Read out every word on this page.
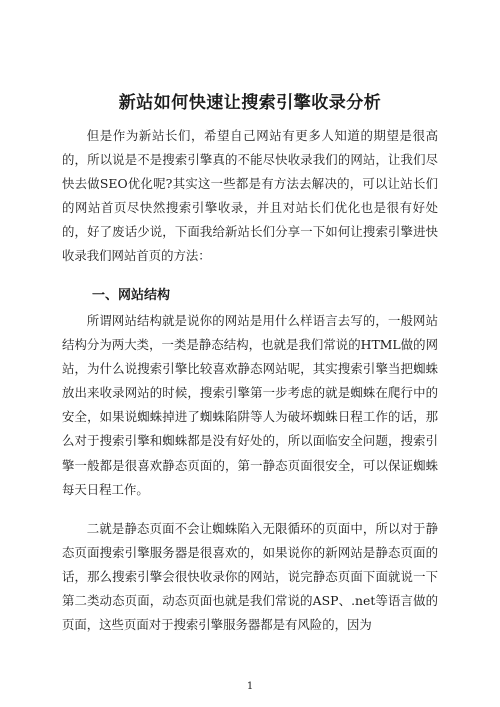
新站如何快速让搜索引擎收录分析
但是作为新站长们，希望自己网站有更多人知道的期望是很高的，所以说是不是搜索引擎真的不能尽快收录我们的网站，让我们尽快去做SEO优化呢?其实这一些都是有方法去解决的，可以让站长们的网站首页尽快然搜索引擎收录，并且对站长们优化也是很有好处的，好了废话少说，下面我给新站长们分享一下如何让搜索引擎进快收录我们网站首页的方法：
一、网站结构
所谓网站结构就是说你的网站是用什么样语言去写的，一般网站结构分为两大类，一类是静态结构，也就是我们常说的HTML做的网站，为什么说搜索引擎比较喜欢静态网站呢，其实搜索引擎当把蜘蛛放出来收录网站的时候，搜索引擎第一步考虑的就是蜘蛛在爬行中的安全，如果说蜘蛛掉进了蜘蛛陷阱等人为破坏蜘蛛日程工作的话，那么对于搜索引擎和蜘蛛都是没有好处的，所以面临安全问题，搜索引擎一般都是很喜欢静态页面的，第一静态页面很安全，可以保证蜘蛛每天日程工作。
二就是静态页面不会让蜘蛛陷入无限循环的页面中，所以对于静态页面搜索引擎服务器是很喜欢的，如果说你的新网站是静态页面的话，那么搜索引擎会很快收录你的网站，说完静态页面下面就说一下第二类动态页面，动态页面也就是我们常说的ASP、.net等语言做的页面，这些页面对于搜索引擎服务器都是有风险的，因为
1
